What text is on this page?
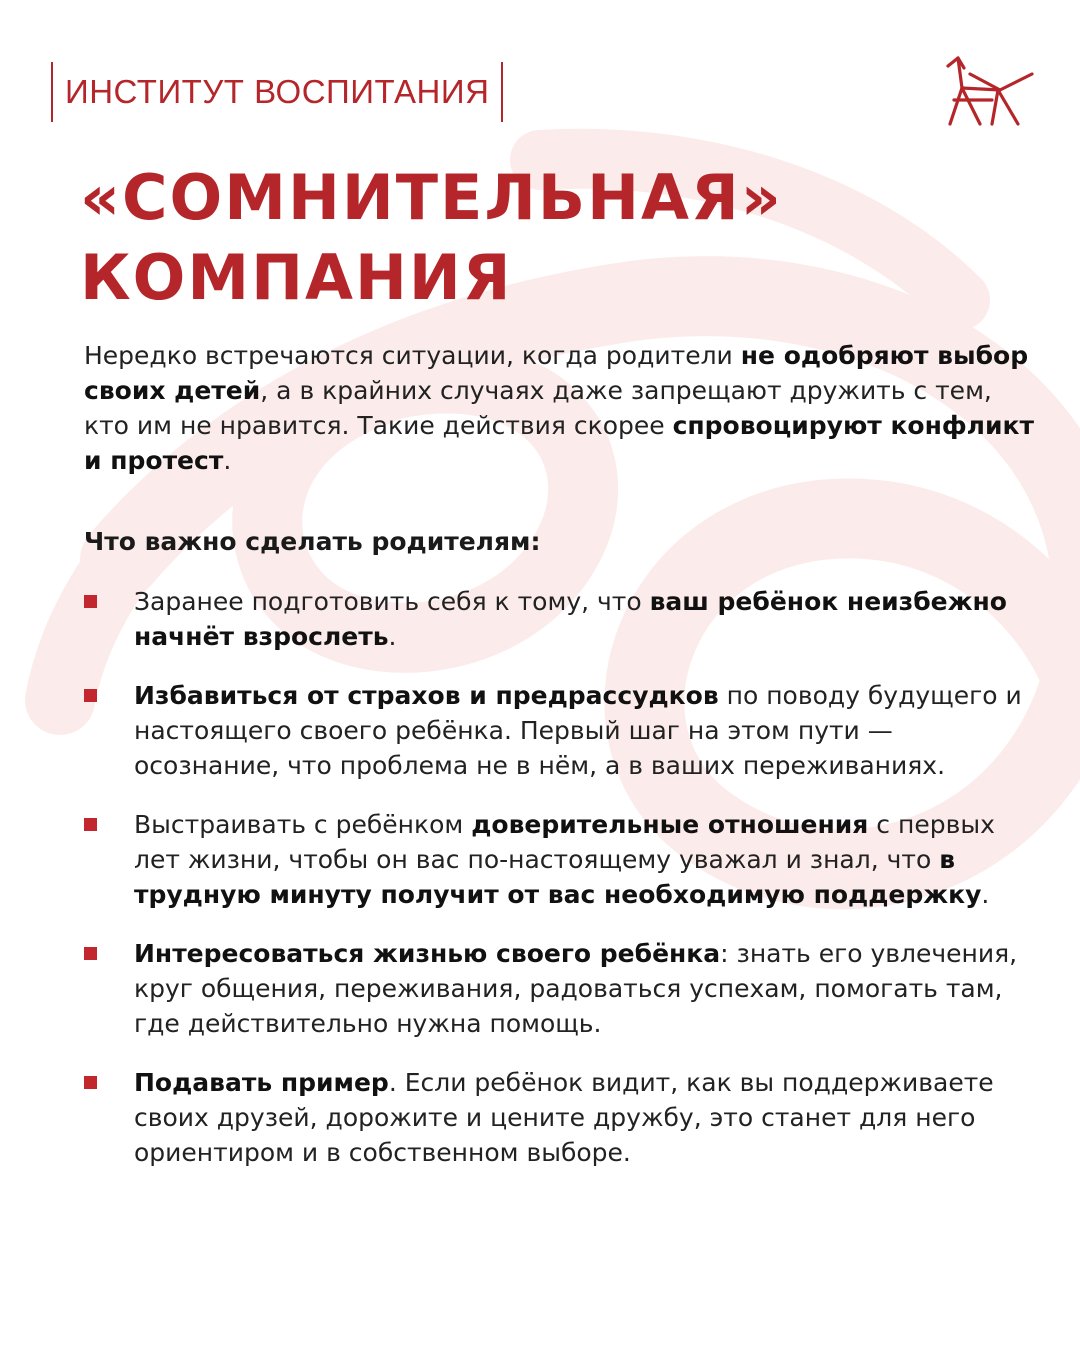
ИНСТИТУТ ВОСПИТАНИЯ
«СОМНИТЕЛЬНАЯ»
КОМПАНИЯ

Нередко встречаются ситуации, когда родители не одобряют выбор своих детей, а в крайних случаях даже запрещают дружить с тем, кто им не нравится. Такие действия скорее спровоцируют конфликт и протест.

Что важно сделать родителям:

Заранее подготовить себя к тому, что ваш ребёнок неизбежно начнёт взрослеть.
Избавиться от страхов и предрассудков по поводу будущего и настоящего своего ребёнка. Первый шаг на этом пути — осознание, что проблема не в нём, а в ваших переживаниях.
Выстраивать с ребёнком доверительные отношения с первых лет жизни, чтобы он вас по-настоящему уважал и знал, что в трудную минуту получит от вас необходимую поддержку.
Интересоваться жизнью своего ребёнка: знать его увлечения, круг общения, переживания, радоваться успехам, помогать там, где действительно нужна помощь.
Подавать пример. Если ребёнок видит, как вы поддерживаете своих друзей, дорожите и цените дружбу, это станет для него ориентиром и в собственном выборе.
